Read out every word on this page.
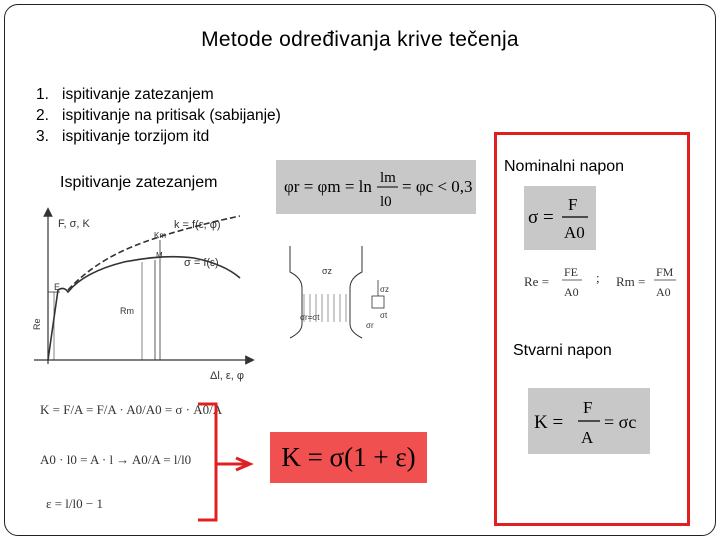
Metode određivanja krive tečenja
1. ispitivanje zatezanjem
2. ispitivanje na pritisak (sabijanje)
3. ispitivanje torzijom itd
Ispitivanje zatezanjem	φr = φm = ln lm
l0
= φc < 0,3
F, σ, K
Δl, ε, φ
k = f(ε, φ)
σ = f(ε)
Km
M
E
Re
Rm
σz
σr=σt
σz
σr
σt
Nominalni napon
σ =
F
A0
Re =
FE
A0
; Rm =
FM
A0
Stvarni napon
K =
F
A
= σc
K = F/A = F/A · A0/A0 = σ · A0/A
A0 · l0 = A · l → A0/A = l/l0
ε = l/l0 − 1
K = σ(1 + ε)
